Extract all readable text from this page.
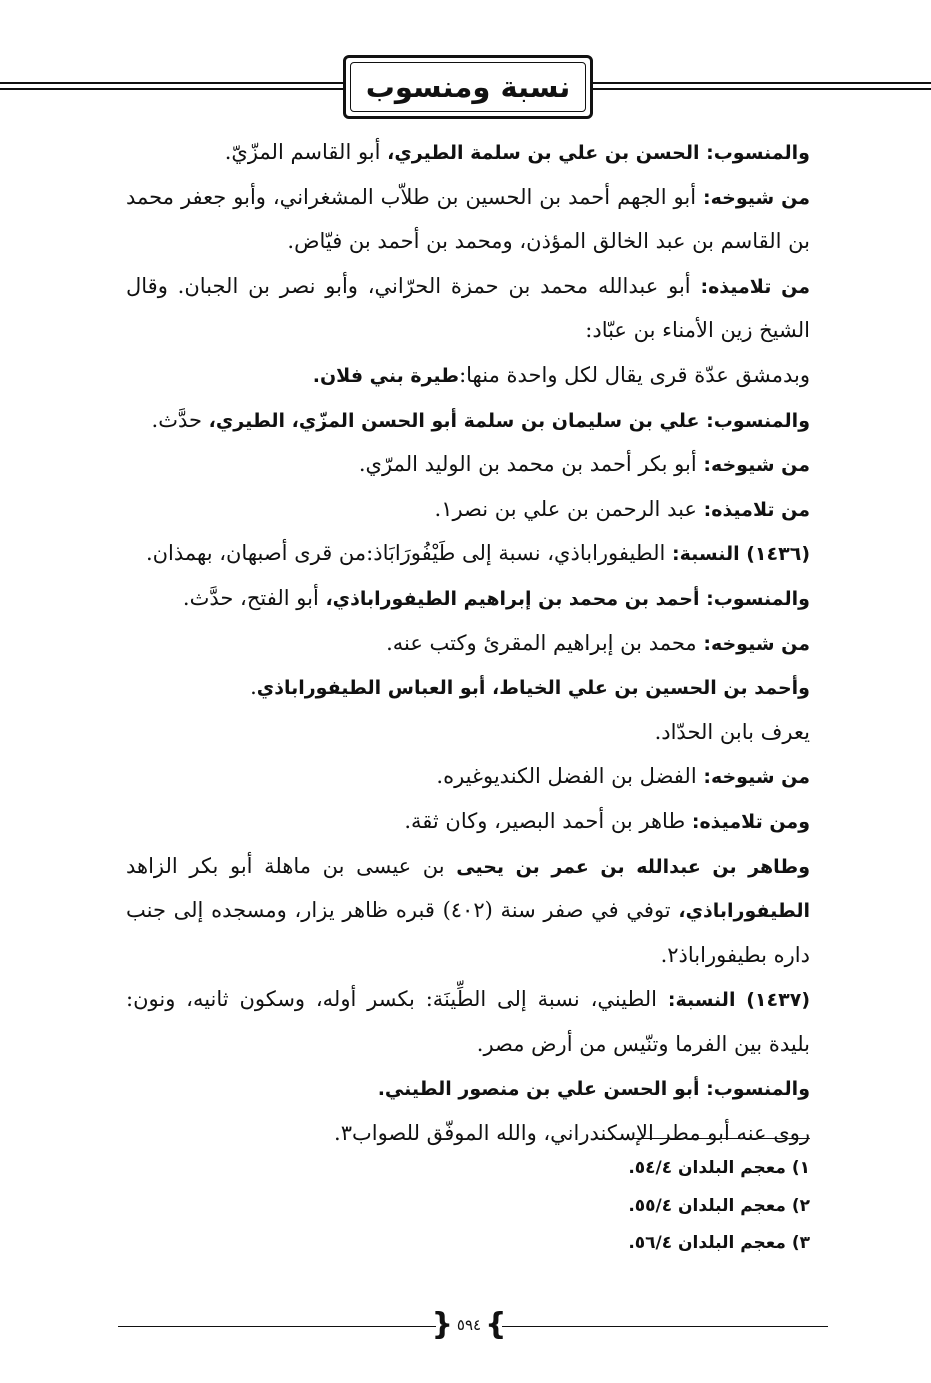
نسبة ومنسوب
والمنسوب: الحسن بن علي بن سلمة الطيري، أبو القاسم المزّيّ.
من شيوخه: أبو الجهم أحمد بن الحسين بن طلاّب المشغراني، وأبو جعفر محمد
بن القاسم بن عبد الخالق المؤذن، ومحمد بن أحمد بن فيّاض.
من تلاميذه: أبو عبدالله محمد بن حمزة الحرّاني، وأبو نصر بن الجبان. وقال
الشيخ زين الأمناء بن عبّاد:
وبدمشق عدّة قرى يقال لكل واحدة منها:طيرة بني فلان.
والمنسوب: علي بن سليمان بن سلمة أبو الحسن المزّي، الطيري، حدَّث.
من شيوخه: أبو بكر أحمد بن محمد بن الوليد المرّي.
من تلاميذه: عبد الرحمن بن علي بن نصر١.
(١٤٣٦) النسبة: الطيفوراباذي، نسبة إلى طَيْفُورَابَاذ:من قرى أصبهان، بهمذان.
والمنسوب: أحمد بن محمد بن إبراهيم الطيفوراباذي، أبو الفتح، حدَّث.
من شيوخه: محمد بن إبراهيم المقرئ وكتب عنه.
وأحمد بن الحسين بن علي الخياط، أبو العباس الطيفوراباذي.
يعرف بابن الحدّاد.
من شيوخه: الفضل بن الفضل الكنديوغيره.
ومن تلاميذه: طاهر بن أحمد البصير، وكان ثقة.
وطاهر بن عبدالله بن عمر بن يحيى بن عيسى بن ماهلة أبو بكر الزاهد
الطيفوراباذي، توفي في صفر سنة (٤٠٢) قبره ظاهر يزار، ومسجده إلى جنب
داره بطيفوراباذ٢.
(١٤٣٧) النسبة: الطيني، نسبة إلى الطِّينَة: بكسر أوله، وسكون ثانيه، ونون:
بليدة بين الفرما وتنّيس من أرض مصر.
والمنسوب: أبو الحسن علي بن منصور الطيني.
روى عنه أبو مطر الإسكندراني، والله الموفّق للصواب٣.
١) معجم البلدان ٥٤/٤.
٢) معجم البلدان ٥٥/٤.
٣) معجم البلدان ٥٦/٤.
} ٥٩٤ {
